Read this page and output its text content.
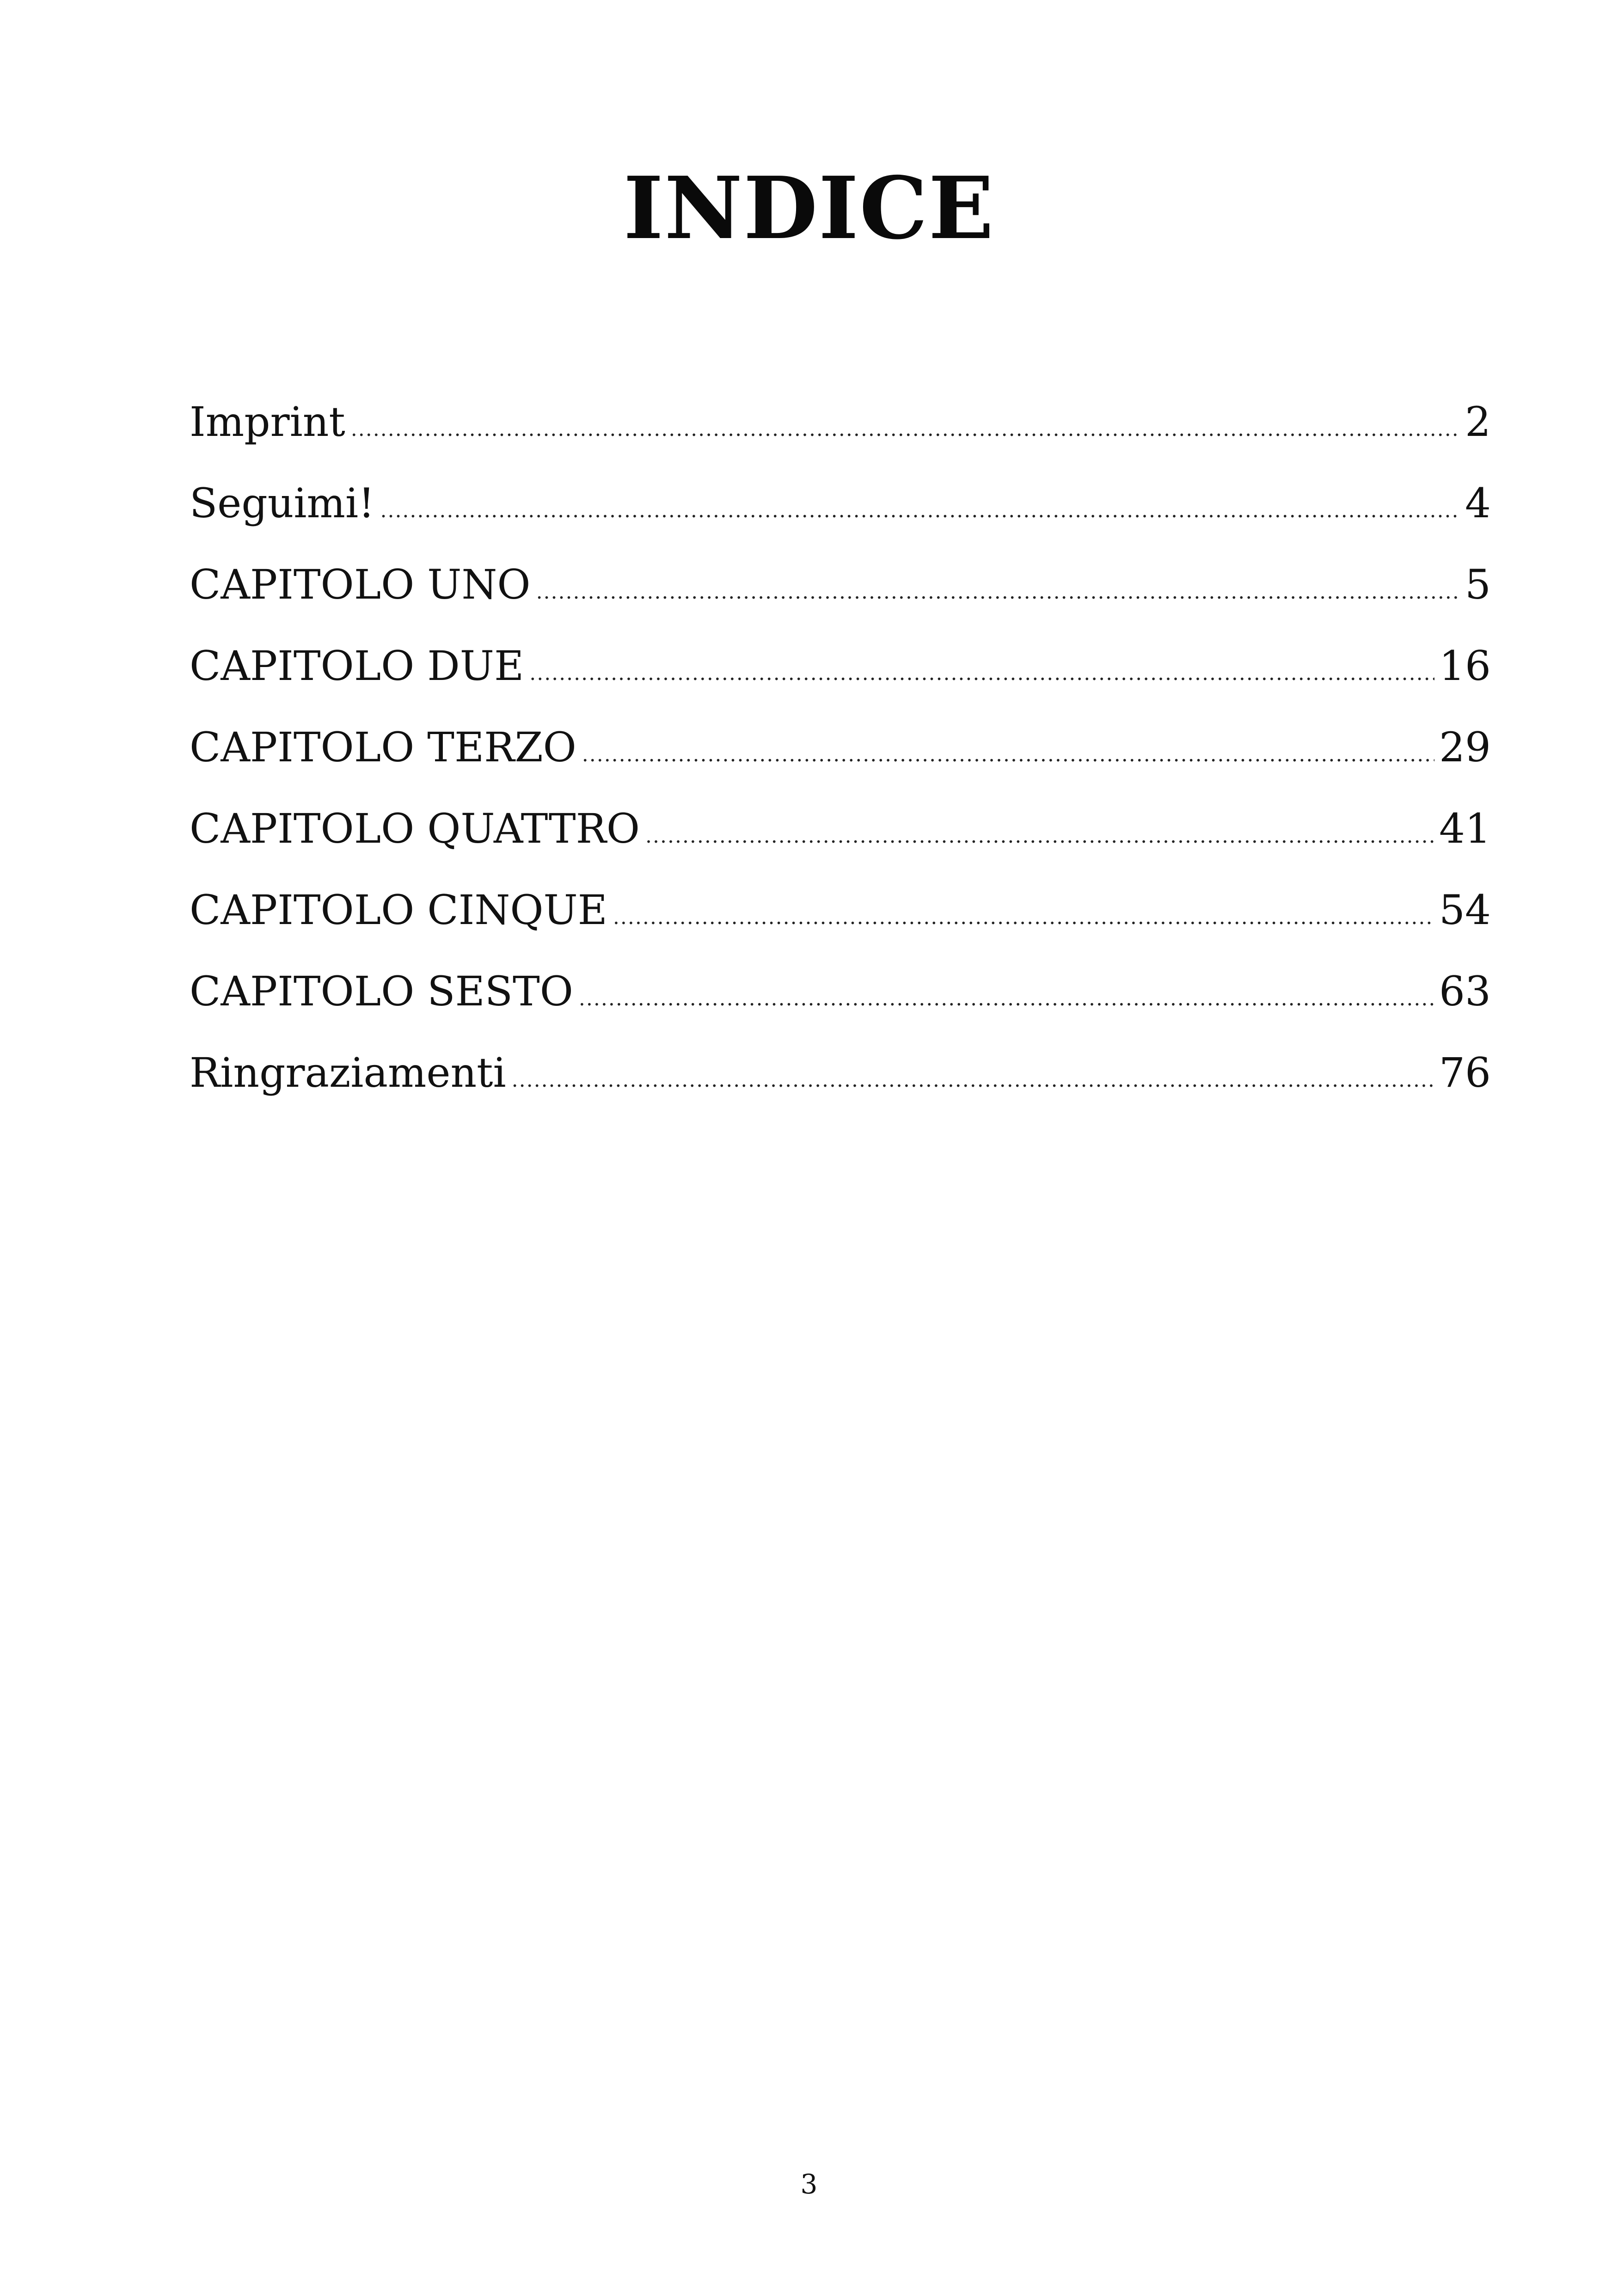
INDICE
Imprint .....	2
Seguimi! .....	4
CAPITOLO UNO .....	5
CAPITOLO DUE .....	16
CAPITOLO TERZO .....	29
CAPITOLO QUATTRO .....	41
CAPITOLO CINQUE .....	54
CAPITOLO SESTO .....	63
Ringraziamenti .....	76
3
